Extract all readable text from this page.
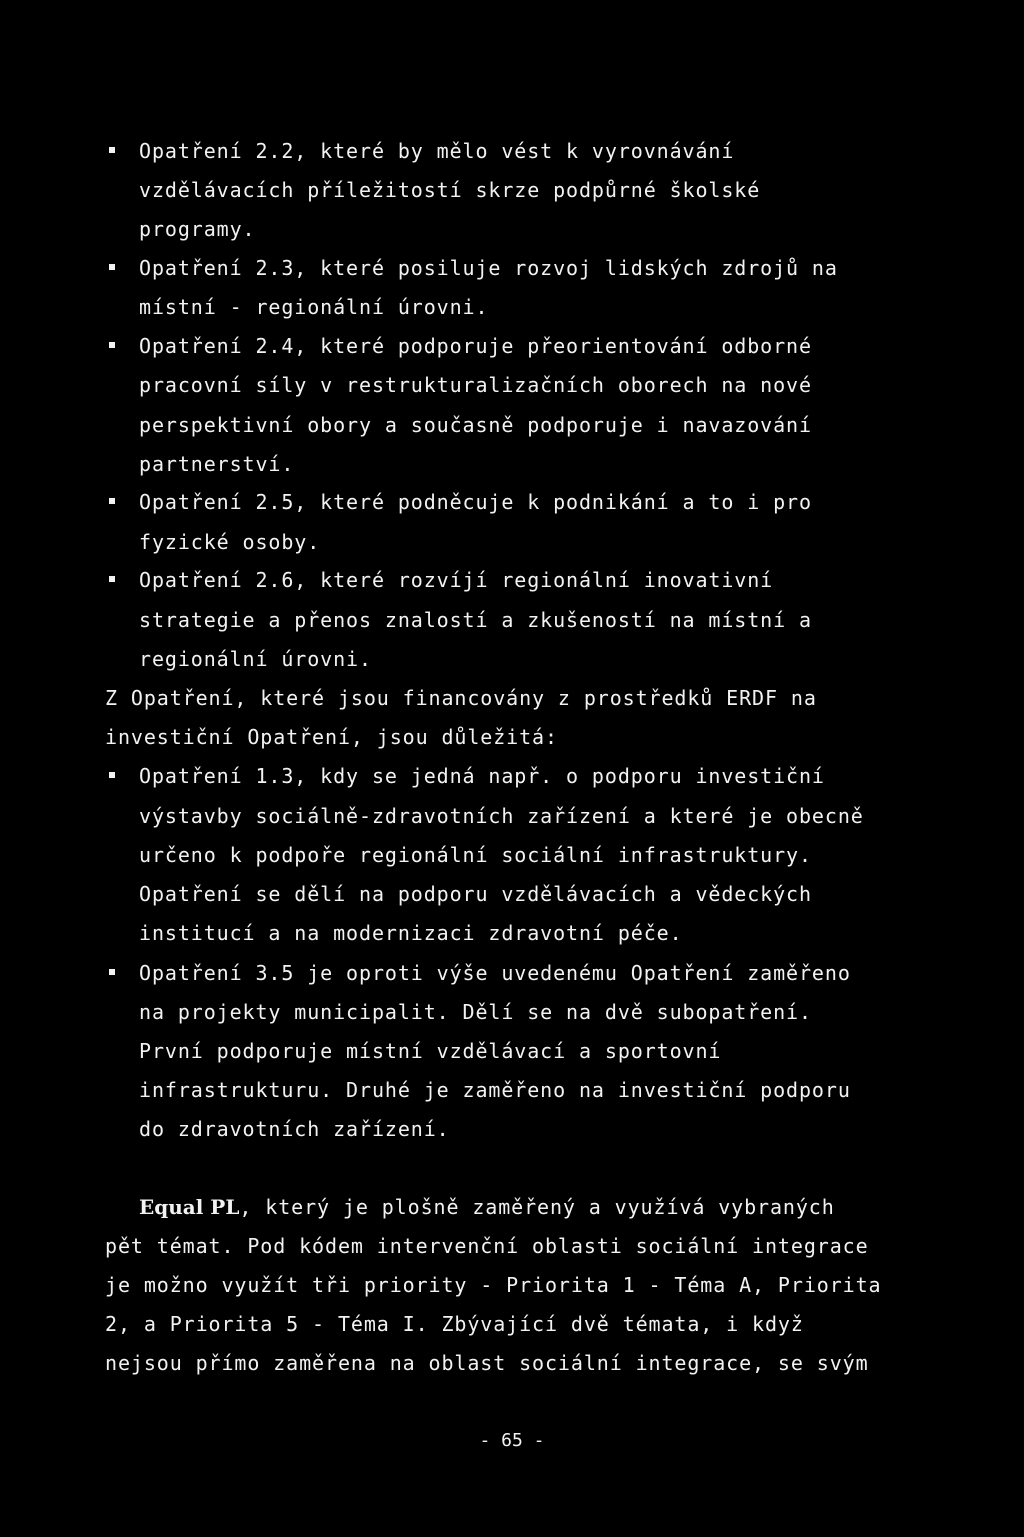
Opatření 2.2, které by mělo vést k vyrovnávání
vzdělávacích příležitostí skrze podpůrné školské
programy.
Opatření 2.3, které posiluje rozvoj lidských zdrojů na
místní - regionální úrovni.
Opatření 2.4, které podporuje přeorientování odborné
pracovní síly v restrukturalizačních oborech na nové
perspektivní obory a současně podporuje i navazování
partnerství.
Opatření 2.5, které podněcuje k podnikání a to i pro
fyzické osoby.
Opatření 2.6, které rozvíjí regionální inovativní
strategie a přenos znalostí a zkušeností na místní a
regionální úrovni.
Z Opatření, které jsou financovány z prostředků ERDF na
investiční Opatření, jsou důležitá:
Opatření 1.3, kdy se jedná např. o podporu investiční
výstavby sociálně-zdravotních zařízení a které je obecně
určeno k podpoře regionální sociální infrastruktury.
Opatření se dělí na podporu vzdělávacích a vědeckých
institucí a na modernizaci zdravotní péče.
Opatření 3.5 je oproti výše uvedenému Opatření zaměřeno
na projekty municipalit. Dělí se na dvě subopatření.
První podporuje místní vzdělávací a sportovní
infrastrukturu. Druhé je zaměřeno na investiční podporu
do zdravotních zařízení.
Equal PL, který je plošně zaměřený a využívá vybraných
pět témat. Pod kódem intervenční oblasti sociální integrace
je možno využít tři priority - Priorita 1 - Téma A, Priorita
2, a Priorita 5 - Téma I. Zbývající dvě témata, i když
nejsou přímo zaměřena na oblast sociální integrace, se svým
- 65 -
